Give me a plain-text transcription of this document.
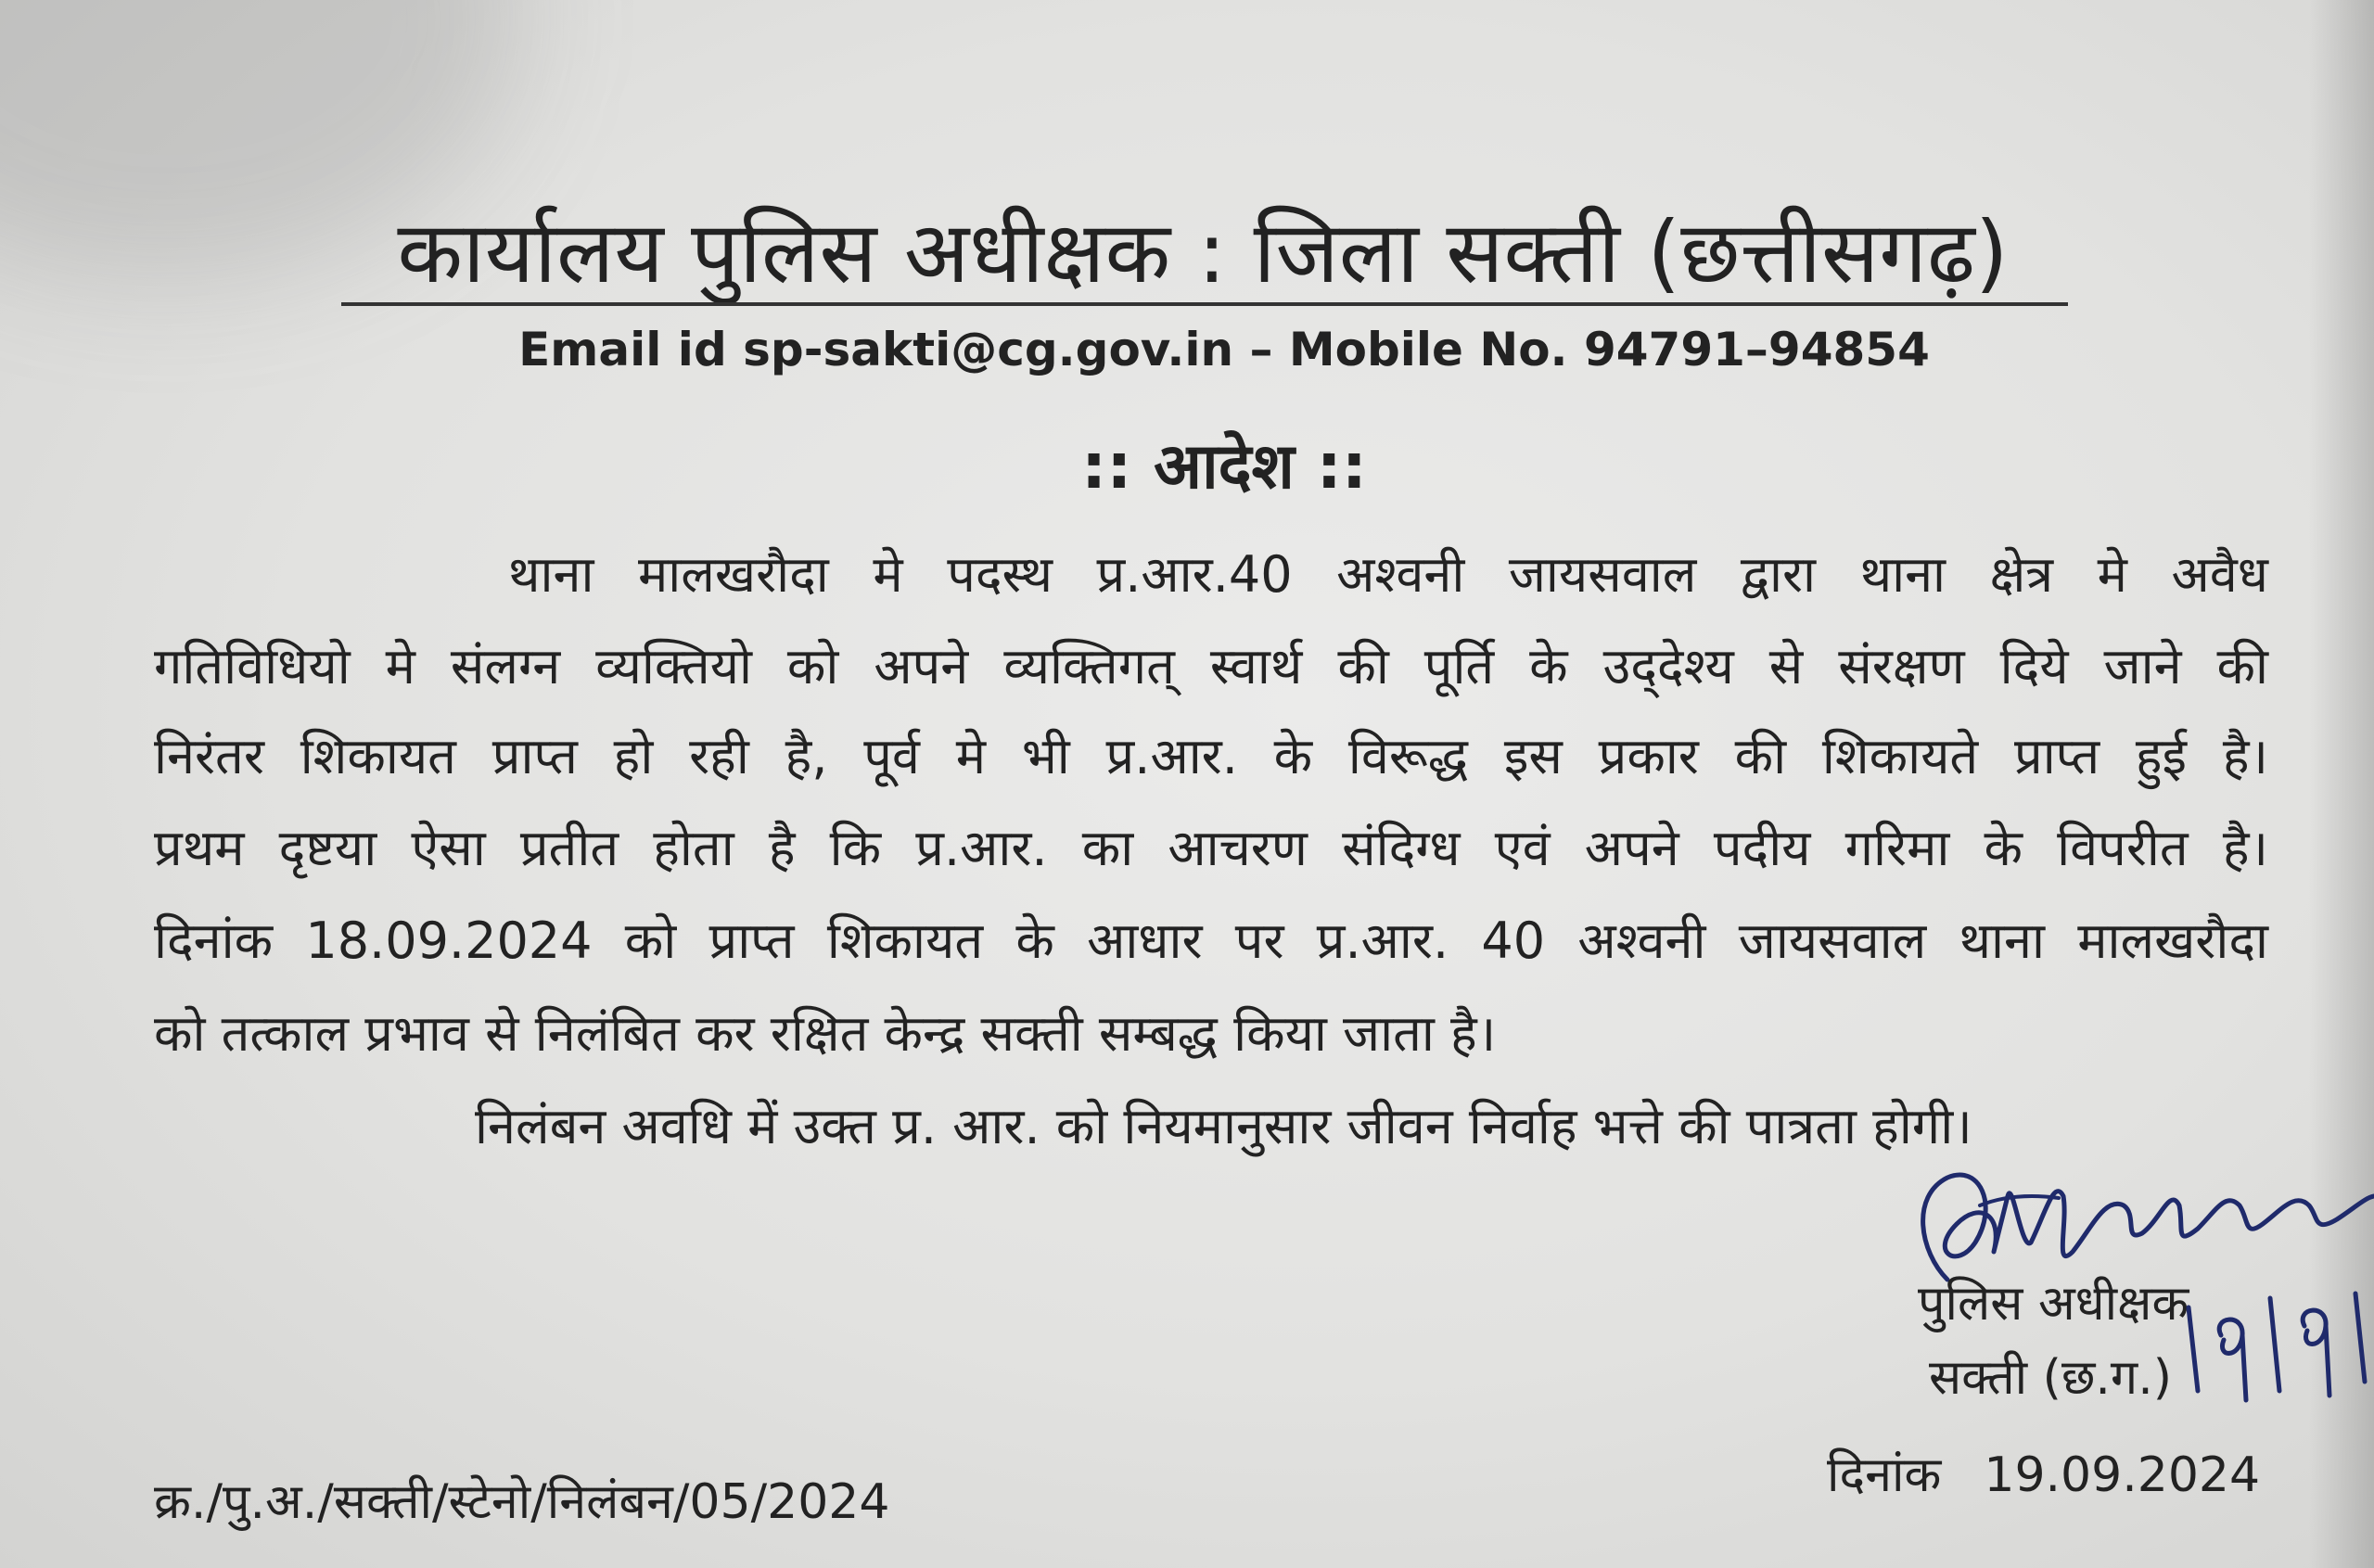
कार्यालय पुलिस अधीक्षक : जिला सक्ती (छत्तीसगढ़)
Email id sp-sakti@cg.gov.in – Mobile No. 94791–94854
:: आदेश ::
थाना मालखरौदा मे पदस्थ प्र.आर.40 अश्वनी जायसवाल द्वारा थाना क्षेत्र मे अवैध
गतिविधियो मे संलग्न व्यक्तियो को अपने व्यक्तिगत् स्वार्थ की पूर्ति के उद्‌देश्य से संरक्षण दिये जाने की
निरंतर शिकायत प्राप्त हो रही है, पूर्व मे भी प्र.आर. के विरूद्ध इस प्रकार की शिकायते प्राप्त हुई है।
प्रथम दृष्टया ऐसा प्रतीत होता है कि प्र.आर. का आचरण संदिग्ध एवं अपने पदीय गरिमा के विपरीत है।
दिनांक 18.09.2024 को प्राप्त शिकायत के आधार पर प्र.आर. 40 अश्वनी जायसवाल थाना मालखरौदा
को तत्काल प्रभाव से निलंबित कर रक्षित केन्द्र सक्ती सम्बद्ध किया जाता है।
निलंबन अवधि में उक्त प्र. आर. को नियमानुसार जीवन निर्वाह भत्ते की पात्रता होगी।
पुलिस अधीक्षक
सक्ती (छ.ग.)
दिनांक 19.09.2024
क्र./पु.अ./सक्ती/स्टेनो/निलंबन/05/2024
